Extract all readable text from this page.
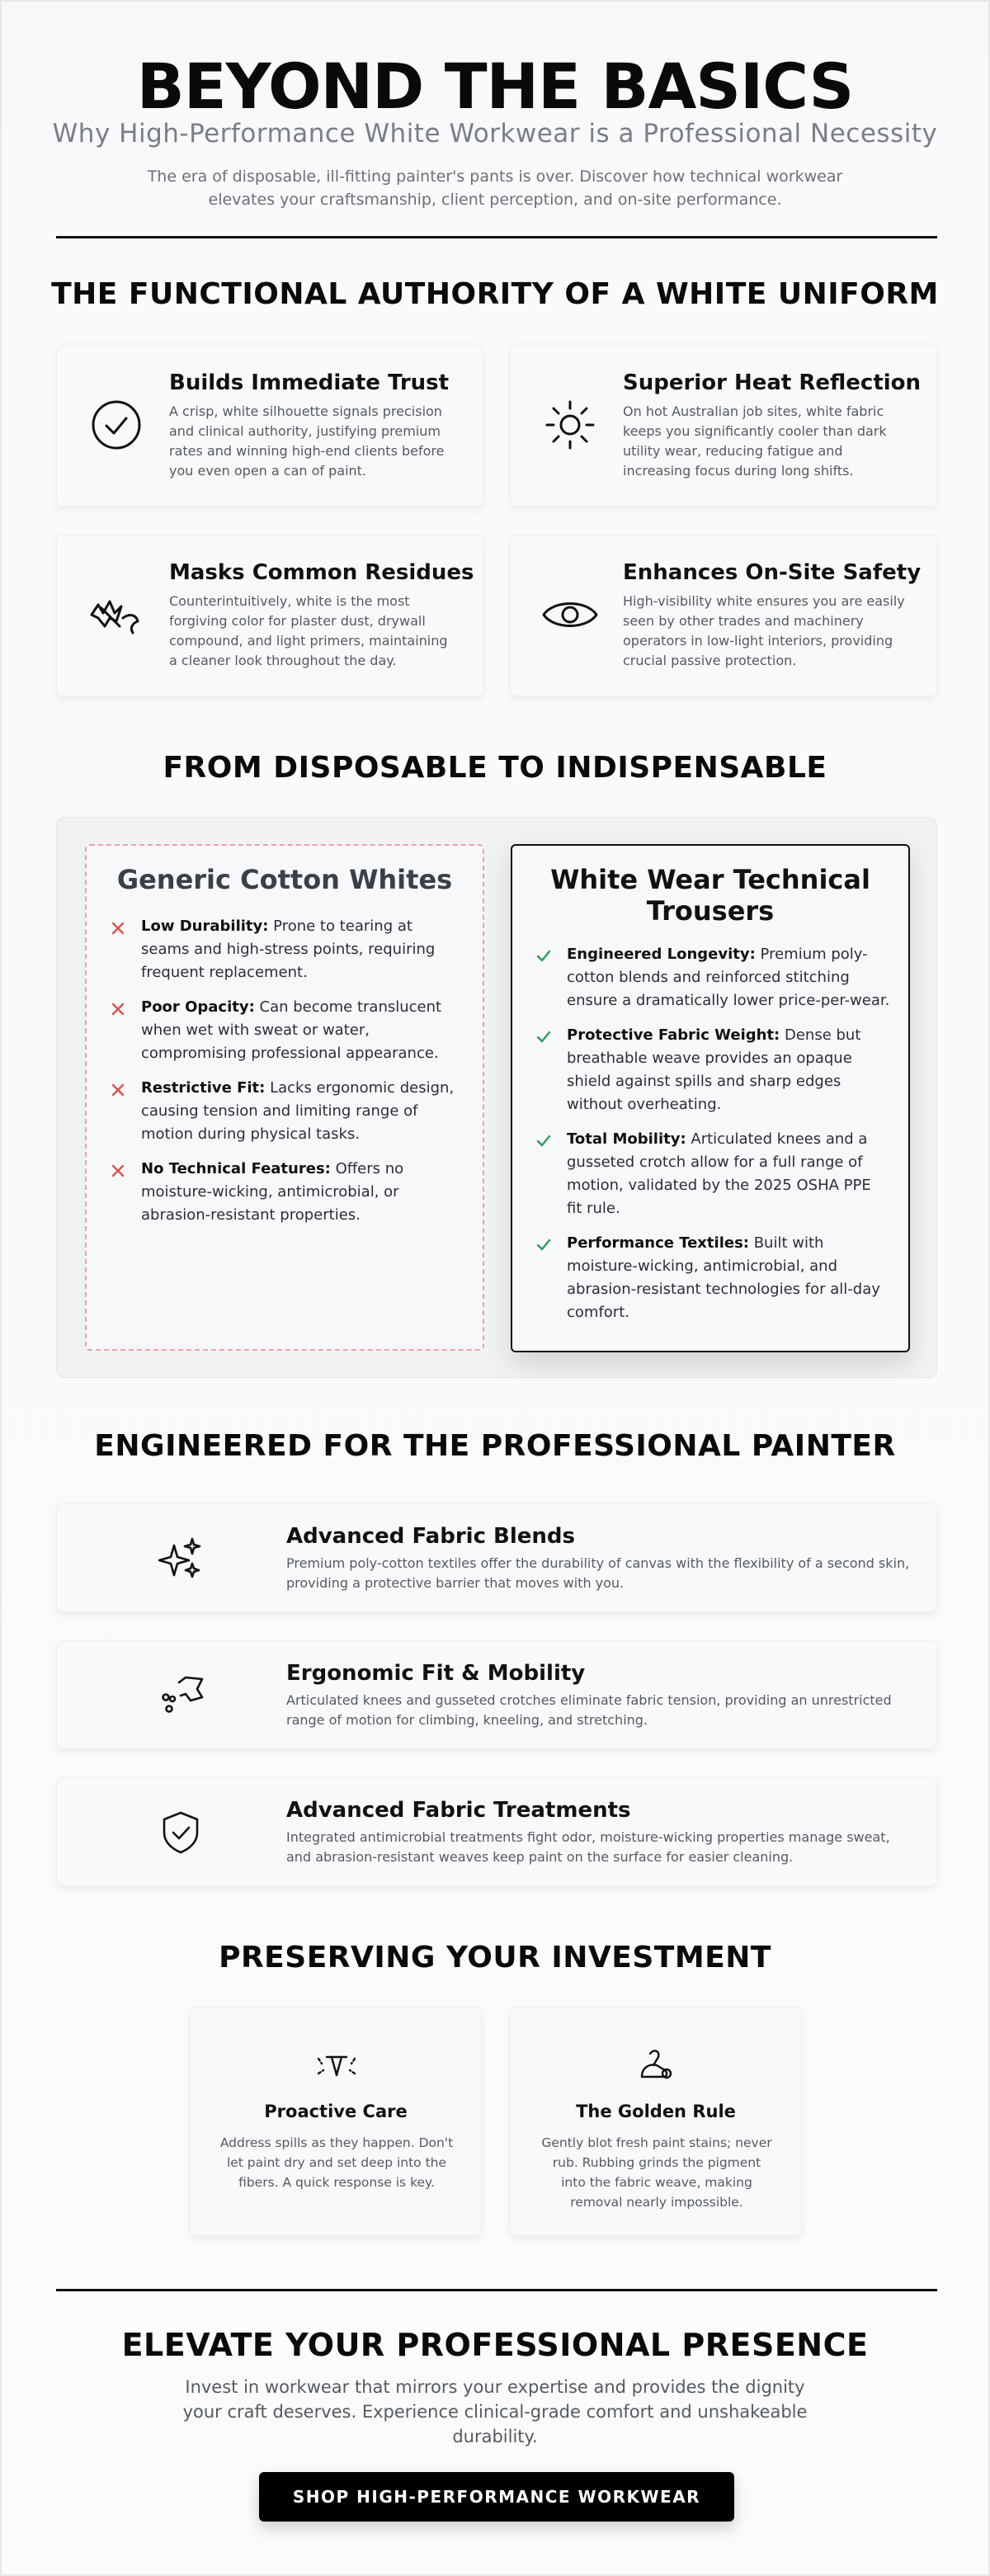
BEYOND THE BASICS
Why High-Performance White Workwear is a Professional Necessity

The era of disposable, ill-fitting painter's pants is over. Discover how technical workwear elevates your craftsmanship, client perception, and on-site performance.

THE FUNCTIONAL AUTHORITY OF A WHITE UNIFORM
Builds Immediate Trust

A crisp, white silhouette signals precision and clinical authority, justifying premium rates and winning high-end clients before you even open a can of paint.

Superior Heat Reflection

On hot Australian job sites, white fabric keeps you significantly cooler than dark utility wear, reducing fatigue and increasing focus during long shifts.

Masks Common Residues

Counterintuitively, white is the most forgiving color for plaster dust, drywall compound, and light primers, maintaining a cleaner look throughout the day.

Enhances On-Site Safety

High-visibility white ensures you are easily seen by other trades and machinery operators in low-light interiors, providing crucial passive protection.

FROM DISPOSABLE TO INDISPENSABLE
Generic Cotton Whites
Low Durability: Prone to tearing at seams and high-stress points, requiring frequent replacement.
Poor Opacity: Can become translucent when wet with sweat or water, compromising professional appearance.
Restrictive Fit: Lacks ergonomic design, causing tension and limiting range of motion during physical tasks.
No Technical Features: Offers no moisture-wicking, antimicrobial, or abrasion-resistant properties.
White Wear Technical Trousers
Engineered Longevity: Premium poly-cotton blends and reinforced stitching ensure a dramatically lower price-per-wear.
Protective Fabric Weight: Dense but breathable weave provides an opaque shield against spills and sharp edges without overheating.
Total Mobility: Articulated knees and a gusseted crotch allow for a full range of motion, validated by the 2025 OSHA PPE fit rule.
Performance Textiles: Built with moisture-wicking, antimicrobial, and abrasion-resistant technologies for all-day comfort.
ENGINEERED FOR THE PROFESSIONAL PAINTER
Advanced Fabric Blends

Premium poly-cotton textiles offer the durability of canvas with the flexibility of a second skin, providing a protective barrier that moves with you.

Ergonomic Fit & Mobility

Articulated knees and gusseted crotches eliminate fabric tension, providing an unrestricted range of motion for climbing, kneeling, and stretching.

Advanced Fabric Treatments

Integrated antimicrobial treatments fight odor, moisture-wicking properties manage sweat, and abrasion-resistant weaves keep paint on the surface for easier cleaning.

PRESERVING YOUR INVESTMENT
Proactive Care

Address spills as they happen. Don't let paint dry and set deep into the fibers. A quick response is key.

The Golden Rule

Gently blot fresh paint stains; never rub. Rubbing grinds the pigment into the fabric weave, making removal nearly impossible.

ELEVATE YOUR PROFESSIONAL PRESENCE

Invest in workwear that mirrors your expertise and provides the dignity your craft deserves. Experience clinical-grade comfort and unshakeable durability.

SHOP HIGH-PERFORMANCE WORKWEAR
